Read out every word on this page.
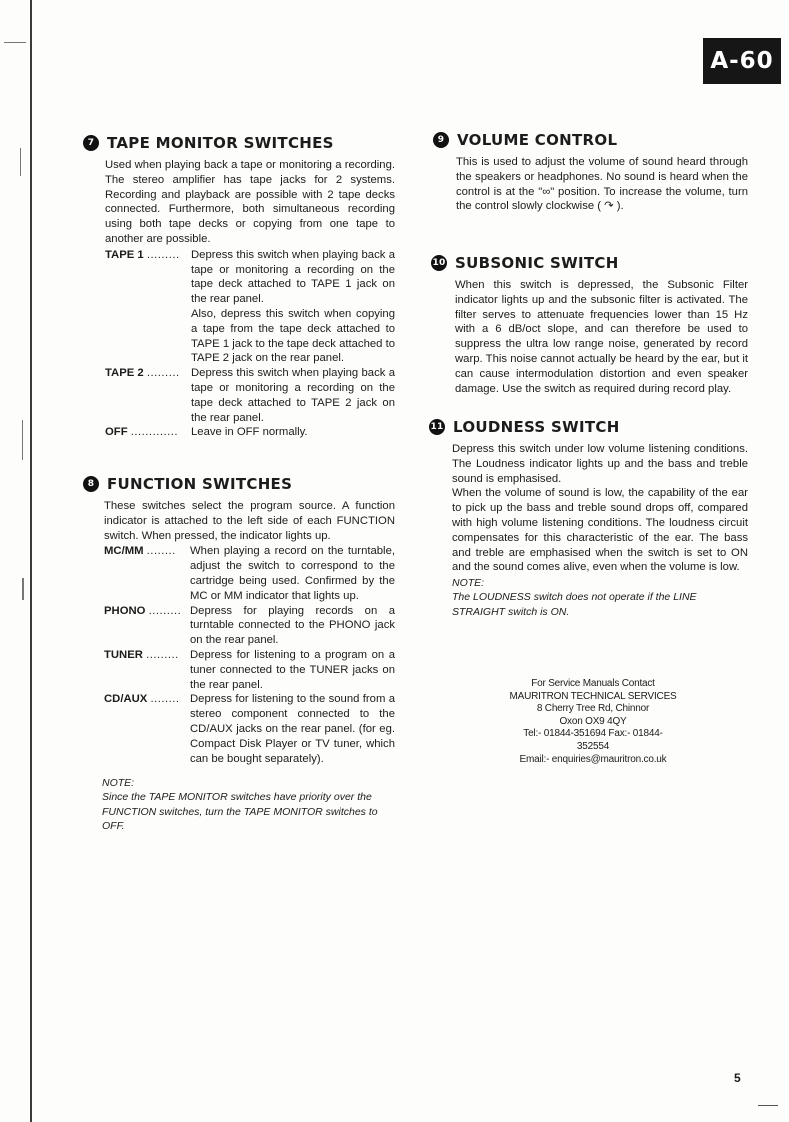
A-60
7 TAPE MONITOR SWITCHES

Used when playing back a tape or monitoring a recording. The stereo amplifier has tape jacks for 2 systems. Recording and playback are possible with 2 tape decks connected. Furthermore, both simultaneous recording using both tape decks or copying from one tape to another are possible.

TAPE 1 .........	Depress this switch when playing back a tape or monitoring a recording on the tape deck attached to TAPE 1 jack on the rear panel.
Also, depress this switch when copying a tape from the tape deck attached to TAPE 1 jack to the tape deck attached to TAPE 2 jack on the rear panel.
TAPE 2 .........	Depress this switch when playing back a tape or monitoring a recording on the tape deck attached to TAPE 2 jack on the rear panel.
OFF .............	Leave in OFF normally.
8 FUNCTION SWITCHES

These switches select the program source. A function indicator is attached to the left side of each FUNCTION switch. When pressed, the indicator lights up.

MC/MM ........	When playing a record on the turntable, adjust the switch to correspond to the cartridge being used. Confirmed by the MC or MM indicator that lights up.
PHONO ......... Depress for playing records on a turntable connected to the PHONO jack on the rear panel.
TUNER ......... Depress for listening to a program on a tuner connected to the TUNER jacks on the rear panel.
CD/AUX ........ Depress for listening to the sound from a stereo component connected to the CD/AUX jacks on the rear panel. (for eg. Compact Disk Player or TV tuner, which can be bought separately).
NOTE:
Since the TAPE MONITOR switches have priority over the FUNCTION switches, turn the TAPE MONITOR switches to OFF.
9 VOLUME CONTROL

This is used to adjust the volume of sound heard through the speakers or headphones. No sound is heard when the control is at the "∞" position. To increase the volume, turn the control slowly clockwise ( ↷ ).

10 SUBSONIC SWITCH

When this switch is depressed, the Subsonic Filter indicator lights up and the subsonic filter is activated. The filter serves to attenuate frequencies lower than 15 Hz with a 6 dB/oct slope, and can therefore be used to suppress the ultra low range noise, generated by record warp. This noise cannot actually be heard by the ear, but it can cause intermodulation distortion and even speaker damage. Use the switch as required during record play.

11 LOUDNESS SWITCH

Depress this switch under low volume listening conditions. The Loudness indicator lights up and the bass and treble sound is emphasised.

When the volume of sound is low, the capability of the ear to pick up the bass and treble sound drops off, compared with high volume listening conditions. The loudness circuit compensates for this characteristic of the ear. The bass and treble are emphasised when the switch is set to ON and the sound comes alive, even when the volume is low.

NOTE:
The LOUDNESS switch does not operate if the LINE STRAIGHT switch is ON.
For Service Manuals Contact
MAURITRON TECHNICAL SERVICES
8 Cherry Tree Rd, Chinnor
Oxon OX9 4QY
Tel:- 01844-351694 Fax:- 01844-352554
Email:- enquiries@mauritron.co.uk
5
